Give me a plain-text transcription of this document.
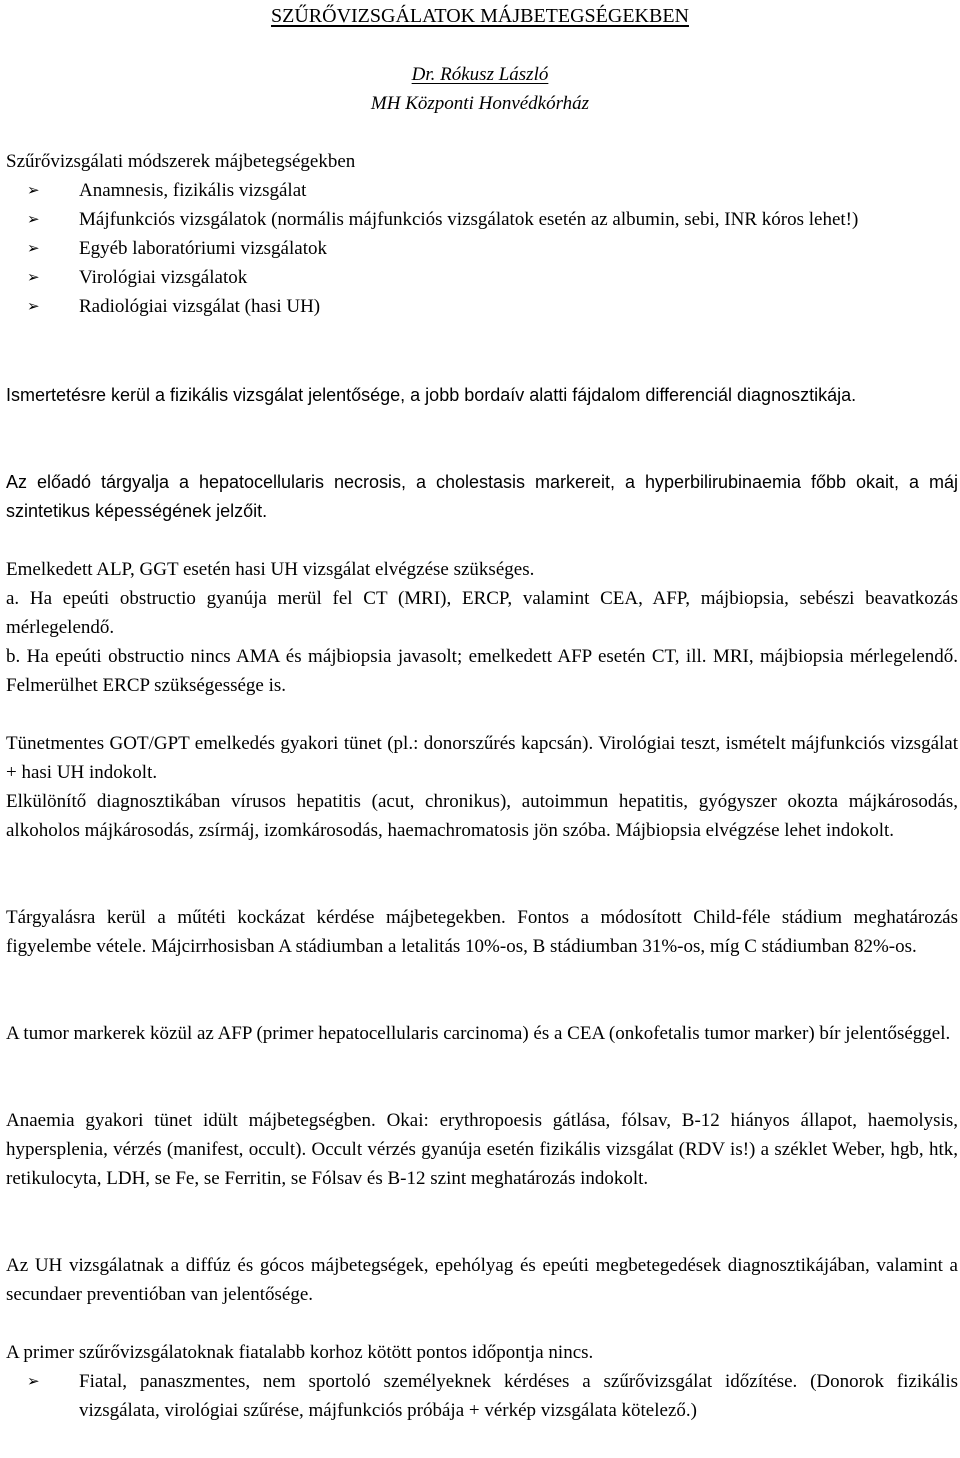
SZŰRŐVIZSGÁLATOK MÁJBETEGSÉGEKBEN
Dr. Rókusz László
MH Központi Honvédkórház

Szűrővizsgálati módszerek májbetegségekben

➢ Anamnesis, fizikális vizsgálat
➢ Májfunkciós vizsgálatok (normális májfunkciós vizsgálatok esetén az albumin, sebi, INR kóros lehet!)
➢ Egyéb laboratóriumi vizsgálatok
➢ Virológiai vizsgálatok
➢ Radiológiai vizsgálat (hasi UH)

Ismertetésre kerül a fizikális vizsgálat jelentősége, a jobb bordaív alatti fájdalom differenciál diagnosztikája.

Az előadó tárgyalja a hepatocellularis necrosis, a cholestasis markereit, a hyperbilirubinaemia főbb okait, a máj szintetikus képességének jelzőit.

Emelkedett ALP, GGT esetén hasi UH vizsgálat elvégzése szükséges.

a. Ha epeúti obstructio gyanúja merül fel CT (MRI), ERCP, valamint CEA, AFP, májbiopsia, sebészi beavatkozás mérlegelendő.

b. Ha epeúti obstructio nincs AMA és májbiopsia javasolt; emelkedett AFP esetén CT, ill. MRI, májbiopsia mérlegelendő. Felmerülhet ERCP szükségessége is.

Tünetmentes GOT/GPT emelkedés gyakori tünet (pl.: donorszűrés kapcsán). Virológiai teszt, ismételt májfunkciós vizsgálat + hasi UH indokolt.

Elkülönítő diagnosztikában vírusos hepatitis (acut, chronikus), autoimmun hepatitis, gyógyszer okozta májkárosodás, alkoholos májkárosodás, zsírmáj, izomkárosodás, haemachromatosis jön szóba. Májbiopsia elvégzése lehet indokolt.

Tárgyalásra kerül a műtéti kockázat kérdése májbetegekben. Fontos a módosított Child-féle stádium meghatározás figyelembe vétele. Májcirrhosisban A stádiumban a letalitás 10%-os, B stádiumban 31%-os, míg C stádiumban 82%-os.

A tumor markerek közül az AFP (primer hepatocellularis carcinoma) és a CEA (onkofetalis tumor marker) bír jelentőséggel.

Anaemia gyakori tünet idült májbetegségben. Okai: erythropoesis gátlása, fólsav, B-12 hiányos állapot, haemolysis, hypersplenia, vérzés (manifest, occult). Occult vérzés gyanúja esetén fizikális vizsgálat (RDV is!) a széklet Weber, hgb, htk, retikulocyta, LDH, se Fe, se Ferritin, se Fólsav és B-12 szint meghatározás indokolt.

Az UH vizsgálatnak a diffúz és gócos májbetegségek, epehólyag és epeúti megbetegedések diagnosztikájában, valamint a secundaer preventióban van jelentősége.

A primer szűrővizsgálatoknak fiatalabb korhoz kötött pontos időpontja nincs.

➢ Fiatal, panaszmentes, nem sportoló személyeknek kérdéses a szűrővizsgálat időzítése. (Donorok fizikális vizsgálata, virológiai szűrése, májfunkciós próbája + vérkép vizsgálata kötelező.)
